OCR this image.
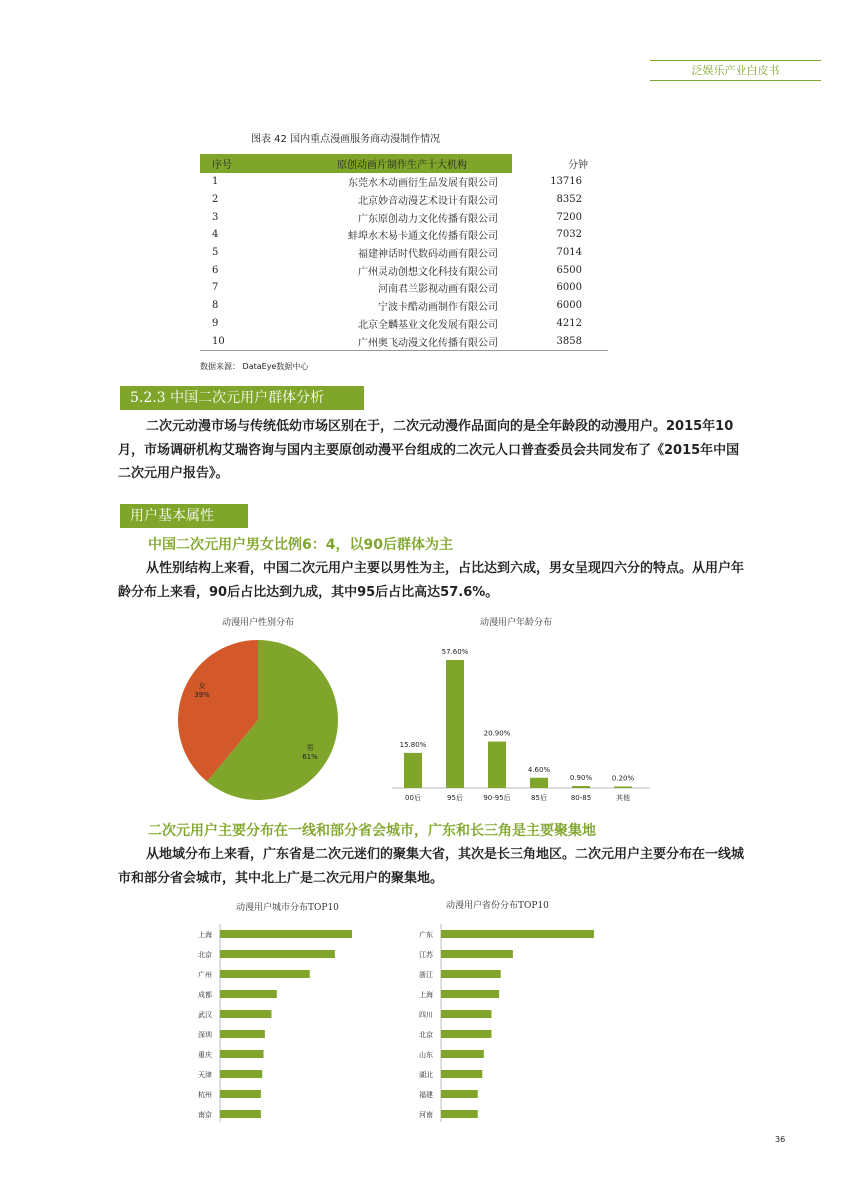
泛娱乐产业白皮书
图表 42 国内重点漫画服务商动漫制作情况
序号	原创动画片制作生产十大机构	分钟
1	东莞水木动画衍生品发展有限公司	13716
2	北京妙音动漫艺术设计有限公司	8352
3	广东原创动力文化传播有限公司	7200
4	蚌埠水木易卡通文化传播有限公司	7032
5	福建神话时代数码动画有限公司	7014
6	广州灵动创想文化科技有限公司	6500
7	河南君兰影视动画有限公司	6000
8	宁波卡酷动画制作有限公司	6000
9	北京全麟基业文化发展有限公司	4212
10	广州奥飞动漫文化传播有限公司	3858
数据来源： DataEye数据中心
5.2.3 中国二次元用户群体分析
二次元动漫市场与传统低幼市场区别在于，二次元动漫作品面向的是全年龄段的动漫用户。2015年10月，市场调研机构艾瑞咨询与国内主要原创动漫平台组成的二次元人口普查委员会共同发布了《2015年中国二次元用户报告》。
用户基本属性
中国二次元用户男女比例6：4，以90后群体为主
从性别结构上来看，中国二次元用户主要以男性为主，占比达到六成，男女呈现四六分的特点。从用户年龄分布上来看，90后占比达到九成，其中95后占比高达57.6%。
动漫用户性别分布
男
61%
女
39%
动漫用户年龄分布
15.80%
00后
57.60%
95后
20.90%
90-95后
4.60%
85后
0.90%
80-85
0.20%
其他
二次元用户主要分布在一线和部分省会城市，广东和长三角是主要聚集地
从地域分布上来看，广东省是二次元迷们的聚集大省，其次是长三角地区。二次元用户主要分布在一线城市和部分省会城市，其中北上广是二次元用户的聚集地。
动漫用户城市分布TOP10
上海
北京
广州
成都
武汉
深圳
重庆
天津
杭州
南京
动漫用户省份分布TOP10
广东
江苏
浙江
上海
四川
北京
山东
湖北
福建
河南
36
